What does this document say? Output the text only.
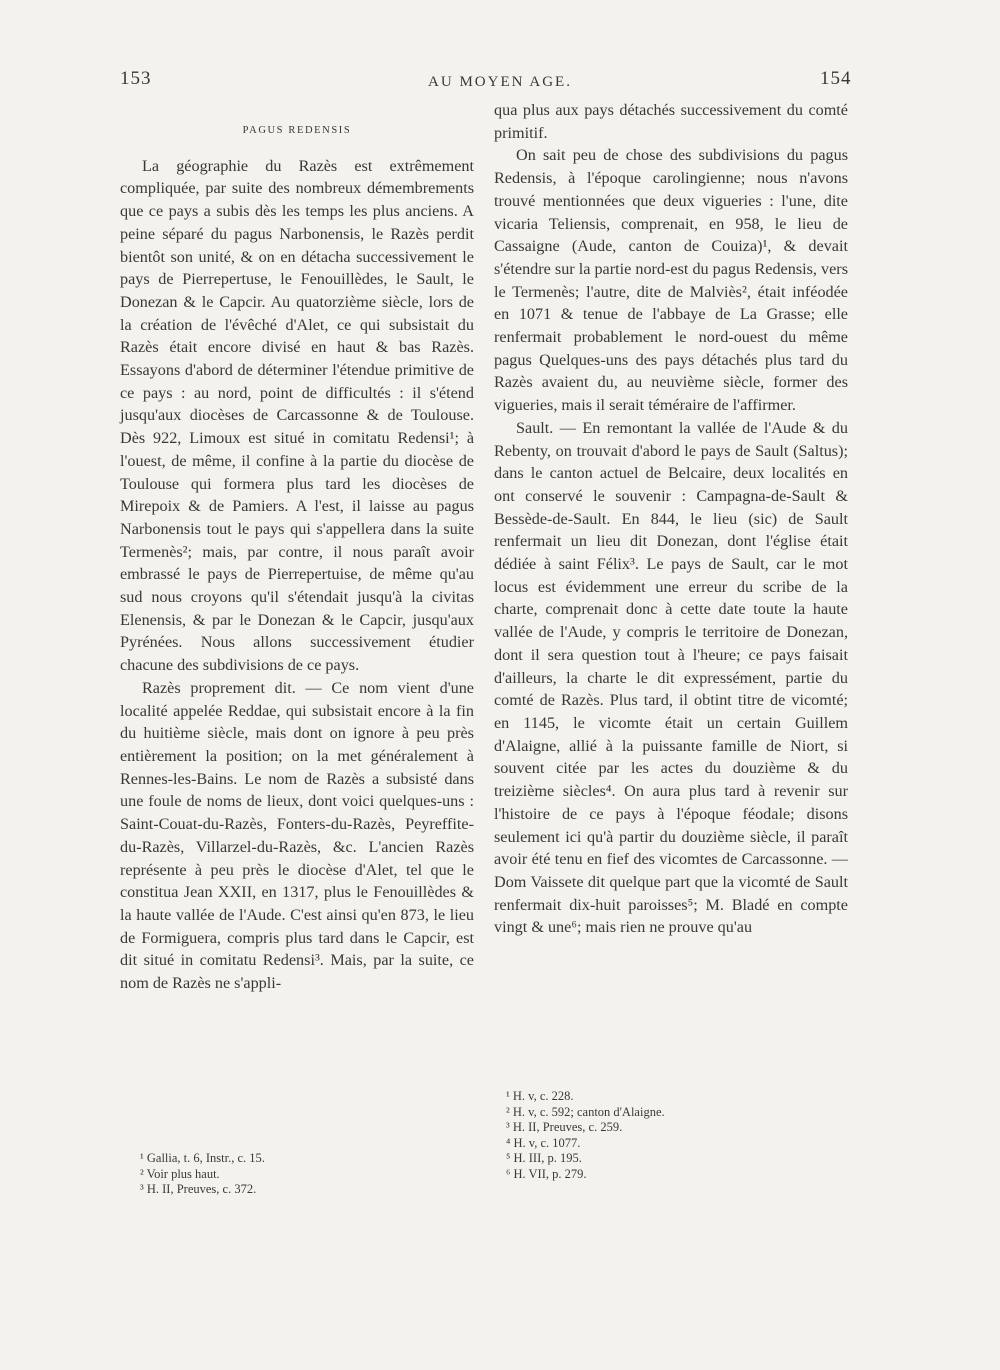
153	AU MOYEN AGE.	154
PAGUS REDENSIS

La géographie du Razès est extrêmement compliquée, par suite des nombreux démembrements que ce pays a subis dès les temps les plus anciens. A peine séparé du pagus Narbonensis, le Razès perdit bientôt son unité, & on en détacha successivement le pays de Pierrepertuse, le Fenouillèdes, le Sault, le Donezan & le Capcir. Au quatorzième siècle, lors de la création de l'évêché d'Alet, ce qui subsistait du Razès était encore divisé en haut & bas Razès. Essayons d'abord de déterminer l'étendue primitive de ce pays : au nord, point de difficultés : il s'étend jusqu'aux diocèses de Carcassonne & de Toulouse. Dès 922, Limoux est situé in comitatu Redensi¹; à l'ouest, de même, il confine à la partie du diocèse de Toulouse qui formera plus tard les diocèses de Mirepoix & de Pamiers. A l'est, il laisse au pagus Narbonensis tout le pays qui s'appellera dans la suite Termenès²; mais, par contre, il nous paraît avoir embrassé le pays de Pierrepertuise, de même qu'au sud nous croyons qu'il s'étendait jusqu'à la civitas Elenensis, & par le Donezan & le Capcir, jusqu'aux Pyrénées. Nous allons successivement étudier chacune des subdivisions de ce pays.

Razès proprement dit. — Ce nom vient d'une localité appelée Reddae, qui subsistait encore à la fin du huitième siècle, mais dont on ignore à peu près entièrement la position; on la met généralement à Rennes-les-Bains. Le nom de Razès a subsisté dans une foule de noms de lieux, dont voici quelques-uns : Saint-Couat-du-Razès, Fonters-du-Razès, Peyreffite-du-Razès, Villarzel-du-Razès, &c. L'ancien Razès représente à peu près le diocèse d'Alet, tel que le constitua Jean XXII, en 1317, plus le Fenouillèdes & la haute vallée de l'Aude. C'est ainsi qu'en 873, le lieu de Formiguera, compris plus tard dans le Capcir, est dit situé in comitatu Redensi³. Mais, par la suite, ce nom de Razès ne s'appli-

qua plus aux pays détachés successivement du comté primitif.

On sait peu de chose des subdivisions du pagus Redensis, à l'époque carolingienne; nous n'avons trouvé mentionnées que deux vigueries : l'une, dite vicaria Teliensis, comprenait, en 958, le lieu de Cassaigne (Aude, canton de Couiza)¹, & devait s'étendre sur la partie nord-est du pagus Redensis, vers le Termenès; l'autre, dite de Malviès², était inféodée en 1071 & tenue de l'abbaye de La Grasse; elle renfermait probablement le nord-ouest du même pagus Quelques-uns des pays détachés plus tard du Razès avaient du, au neuvième siècle, former des vigueries, mais il serait téméraire de l'affirmer.

Sault. — En remontant la vallée de l'Aude & du Rebenty, on trouvait d'abord le pays de Sault (Saltus); dans le canton actuel de Belcaire, deux localités en ont conservé le souvenir : Campagna-de-Sault & Bessède-de-Sault. En 844, le lieu (sic) de Sault renfermait un lieu dit Donezan, dont l'église était dédiée à saint Félix³. Le pays de Sault, car le mot locus est évidemment une erreur du scribe de la charte, comprenait donc à cette date toute la haute vallée de l'Aude, y compris le territoire de Donezan, dont il sera question tout à l'heure; ce pays faisait d'ailleurs, la charte le dit expressément, partie du comté de Razès. Plus tard, il obtint titre de vicomté; en 1145, le vicomte était un certain Guillem d'Alaigne, allié à la puissante famille de Niort, si souvent citée par les actes du douzième & du treizième siècles⁴. On aura plus tard à revenir sur l'histoire de ce pays à l'époque féodale; disons seulement ici qu'à partir du douzième siècle, il paraît avoir été tenu en fief des vicomtes de Carcassonne. — Dom Vaissete dit quelque part que la vicomté de Sault renfermait dix-huit paroisses⁵; M. Bladé en compte vingt & une⁶; mais rien ne prouve qu'au

¹ Gallia, t. 6, Instr., c. 15.
² Voir plus haut.
³ H. II, Preuves, c. 372.
¹ H. v, c. 228.
² H. v, c. 592; canton d'Alaigne.
³ H. II, Preuves, c. 259.
⁴ H. v, c. 1077.
⁵ H. III, p. 195.
⁶ H. VII, p. 279.
